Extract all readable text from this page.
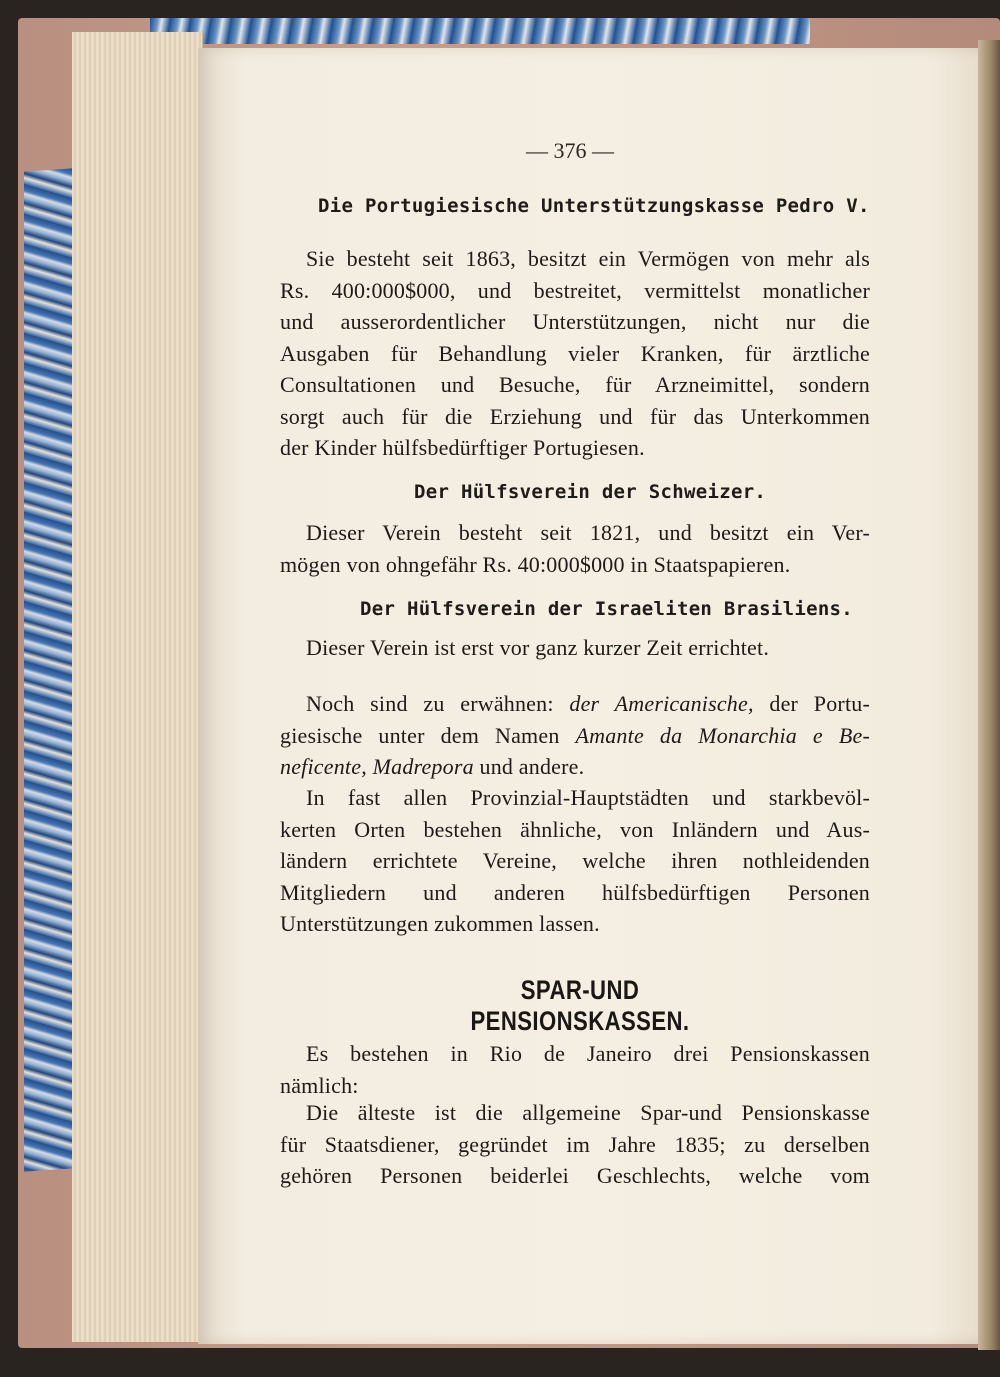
— 376 —
Die Portugiesische Unterstützungskasse Pedro V.
Sie besteht seit 1863, besitzt ein Vermögen von mehr als
Rs. 400:000$000, und bestreitet, vermittelst monatlicher
und ausserordentlicher Unterstützungen, nicht nur die
Ausgaben für Behandlung vieler Kranken, für ärztliche
Consultationen und Besuche, für Arzneimittel, sondern
sorgt auch für die Erziehung und für das Unterkommen
der Kinder hülfsbedürftiger Portugiesen.
Der Hülfsverein der Schweizer.
Dieser Verein besteht seit 1821, und besitzt ein Ver-
mögen von ohngefähr Rs. 40:000$000 in Staatspapieren.
Der Hülfsverein der Israeliten Brasiliens.
Dieser Verein ist erst vor ganz kurzer Zeit errichtet.
Noch sind zu erwähnen: der Americanische, der Portu-
giesische unter dem Namen Amante da Monarchia e Be-
neficente, Madrepora und andere.
In fast allen Provinzial-Hauptstädten und starkbevöl-
kerten Orten bestehen ähnliche, von Inländern und Aus-
ländern errichtete Vereine, welche ihren nothleidenden
Mitgliedern und anderen hülfsbedürftigen Personen
Unterstützungen zukommen lassen.
SPAR-UND PENSIONSKASSEN.
Es bestehen in Rio de Janeiro drei Pensionskassen
nämlich:
Die älteste ist die allgemeine Spar-und Pensionskasse
für Staatsdiener, gegründet im Jahre 1835; zu derselben
gehören Personen beiderlei Geschlechts, welche vom
